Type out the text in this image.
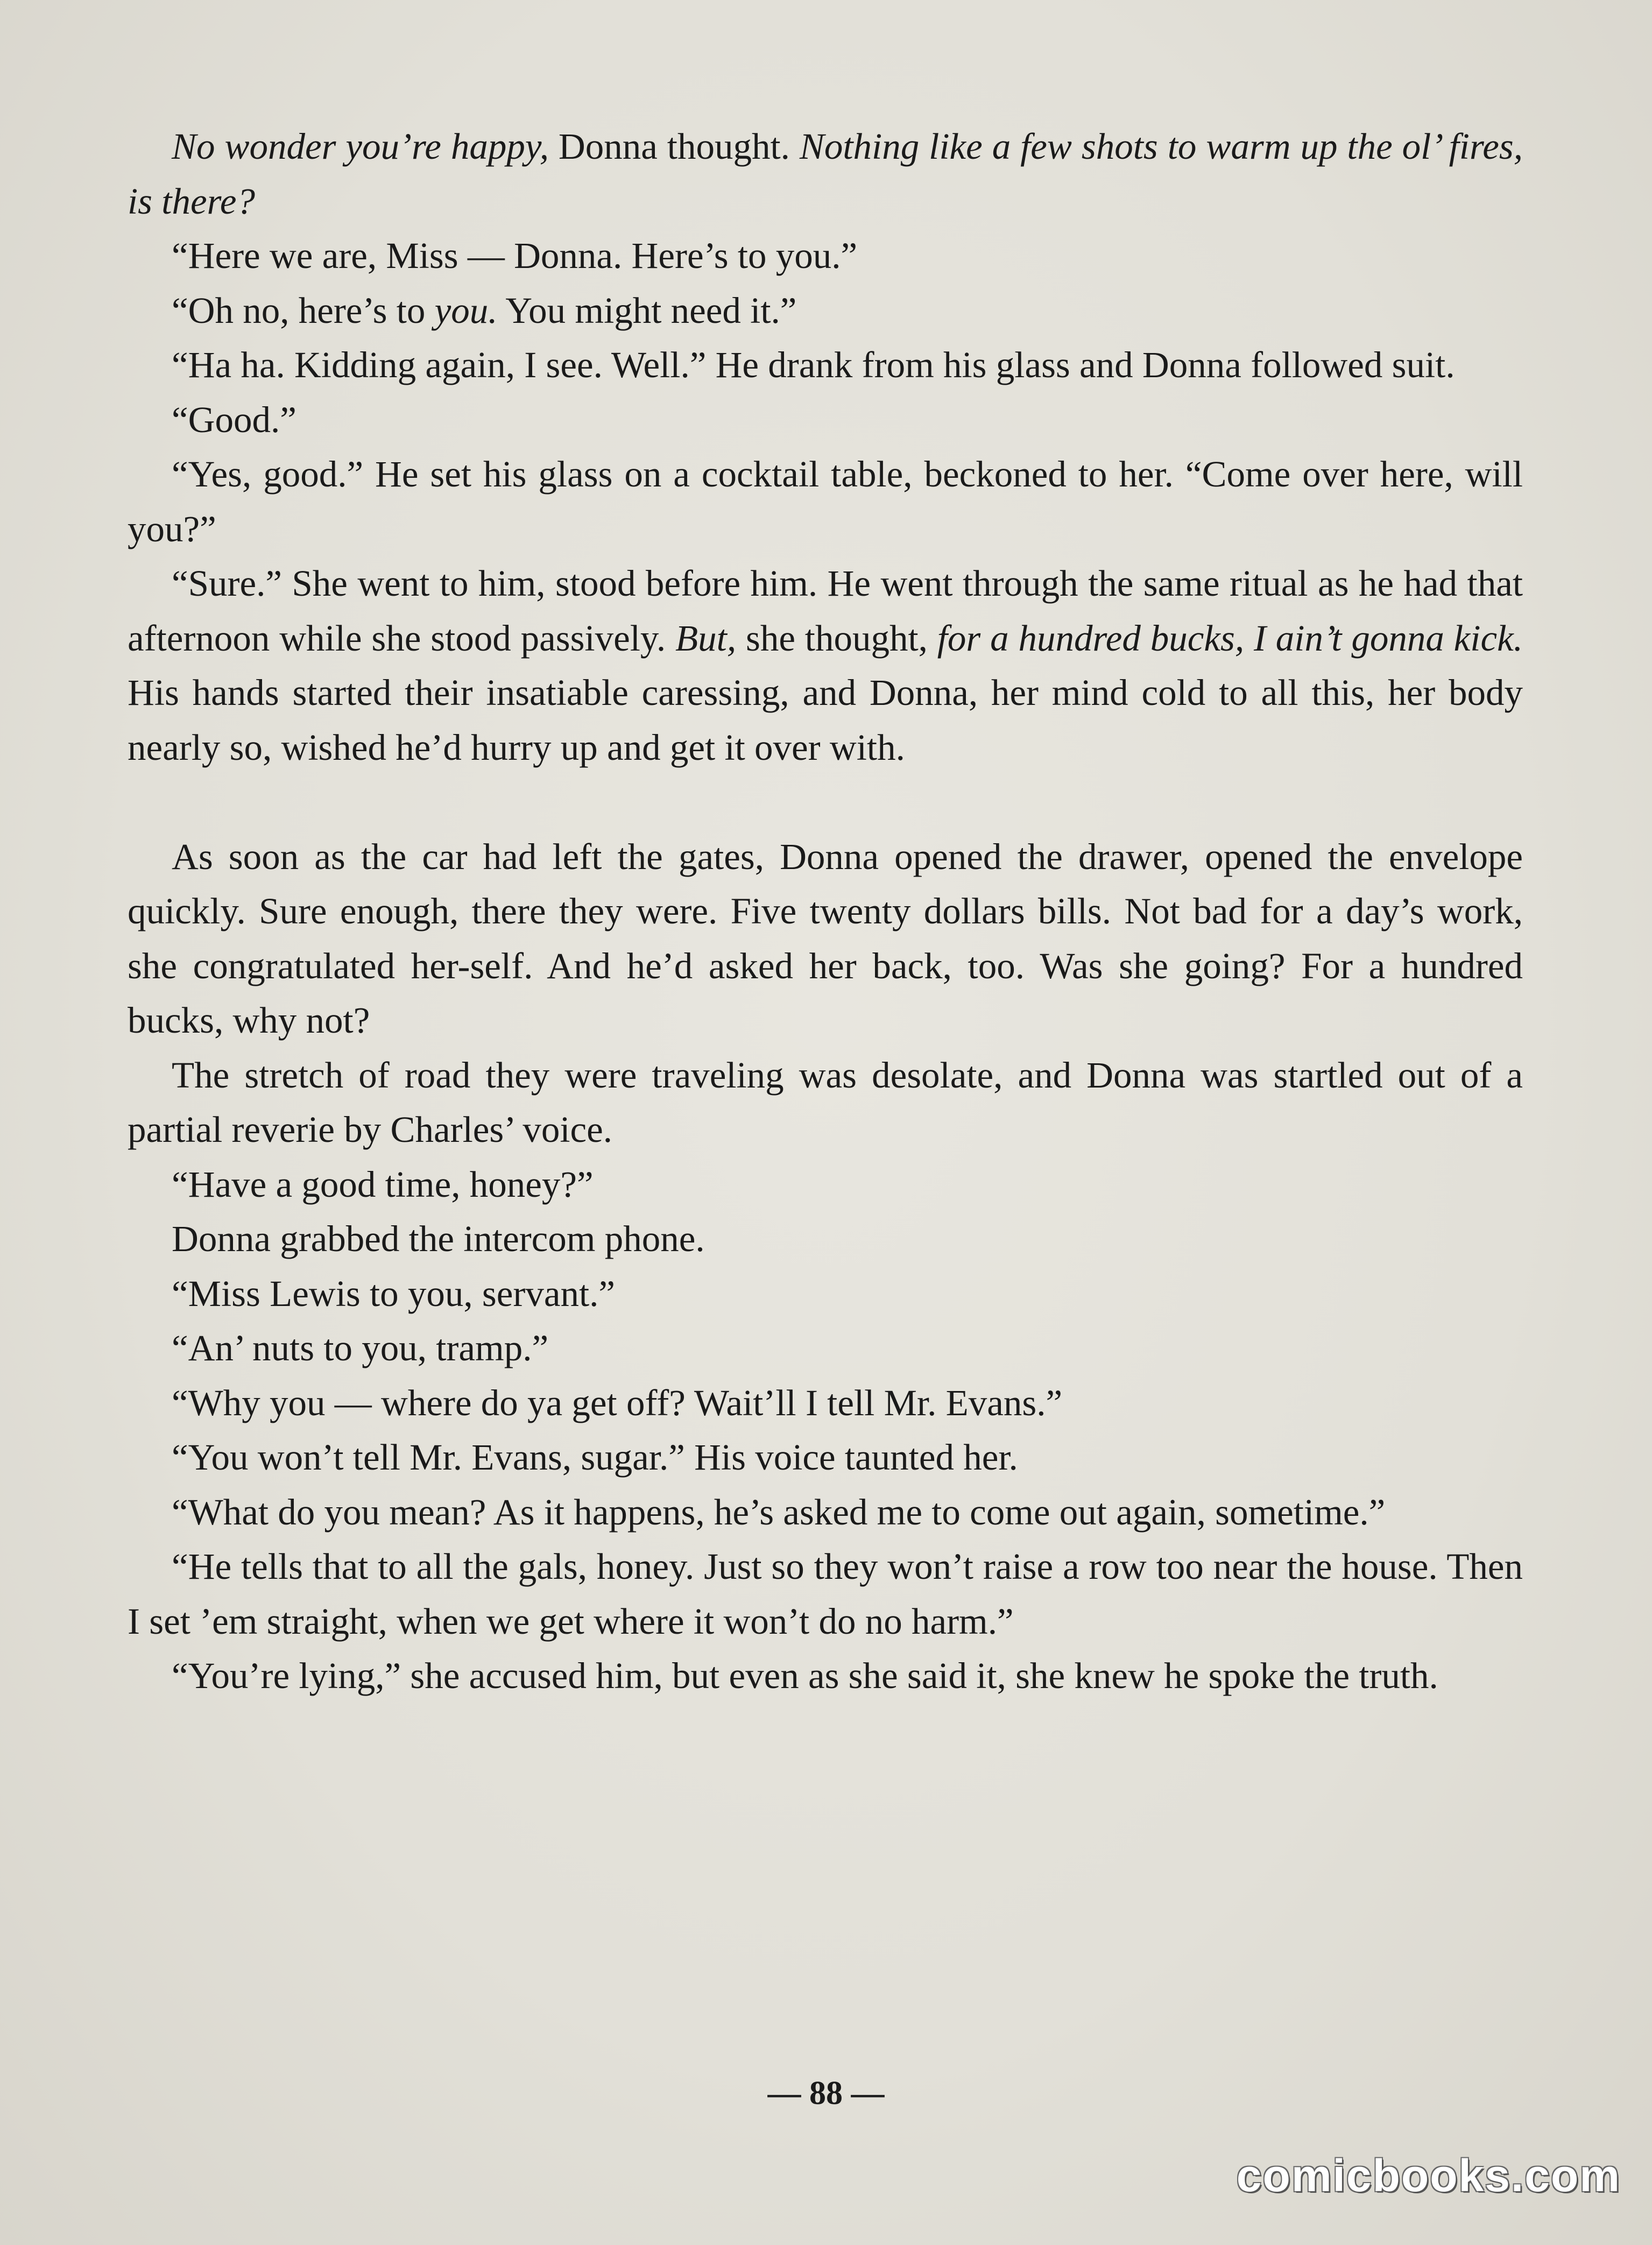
No wonder you’re happy, Donna thought. Nothing like a few shots to warm up the ol’ fires, is there?

“Here we are, Miss — Donna. Here’s to you.”

“Oh no, here’s to you. You might need it.”

“Ha ha. Kidding again, I see. Well.” He drank from his glass and Donna followed suit.

“Good.”

“Yes, good.” He set his glass on a cocktail table, beckoned to her. “Come over here, will you?”

“Sure.” She went to him, stood before him. He went through the same ritual as he had that afternoon while she stood passively. But, she thought, for a hundred bucks, I ain’t gonna kick. His hands started their insatiable caressing, and Donna, her mind cold to all this, her body nearly so, wished he’d hurry up and get it over with.

As soon as the car had left the gates, Donna opened the drawer, opened the envelope quickly. Sure enough, there they were. Five twenty dollars bills. Not bad for a day’s work, she congratulated her-self. And he’d asked her back, too. Was she going? For a hundred bucks, why not?

The stretch of road they were traveling was desolate, and Donna was startled out of a partial reverie by Charles’ voice.

“Have a good time, honey?”

Donna grabbed the intercom phone.

“Miss Lewis to you, servant.”

“An’ nuts to you, tramp.”

“Why you — where do ya get off? Wait’ll I tell Mr. Evans.”

“You won’t tell Mr. Evans, sugar.” His voice taunted her.

“What do you mean? As it happens, he’s asked me to come out again, sometime.”

“He tells that to all the gals, honey. Just so they won’t raise a row too near the house. Then I set ’em straight, when we get where it won’t do no harm.”

“You’re lying,” she accused him, but even as she said it, she knew he spoke the truth.

— 88 —
comicbooks.com
